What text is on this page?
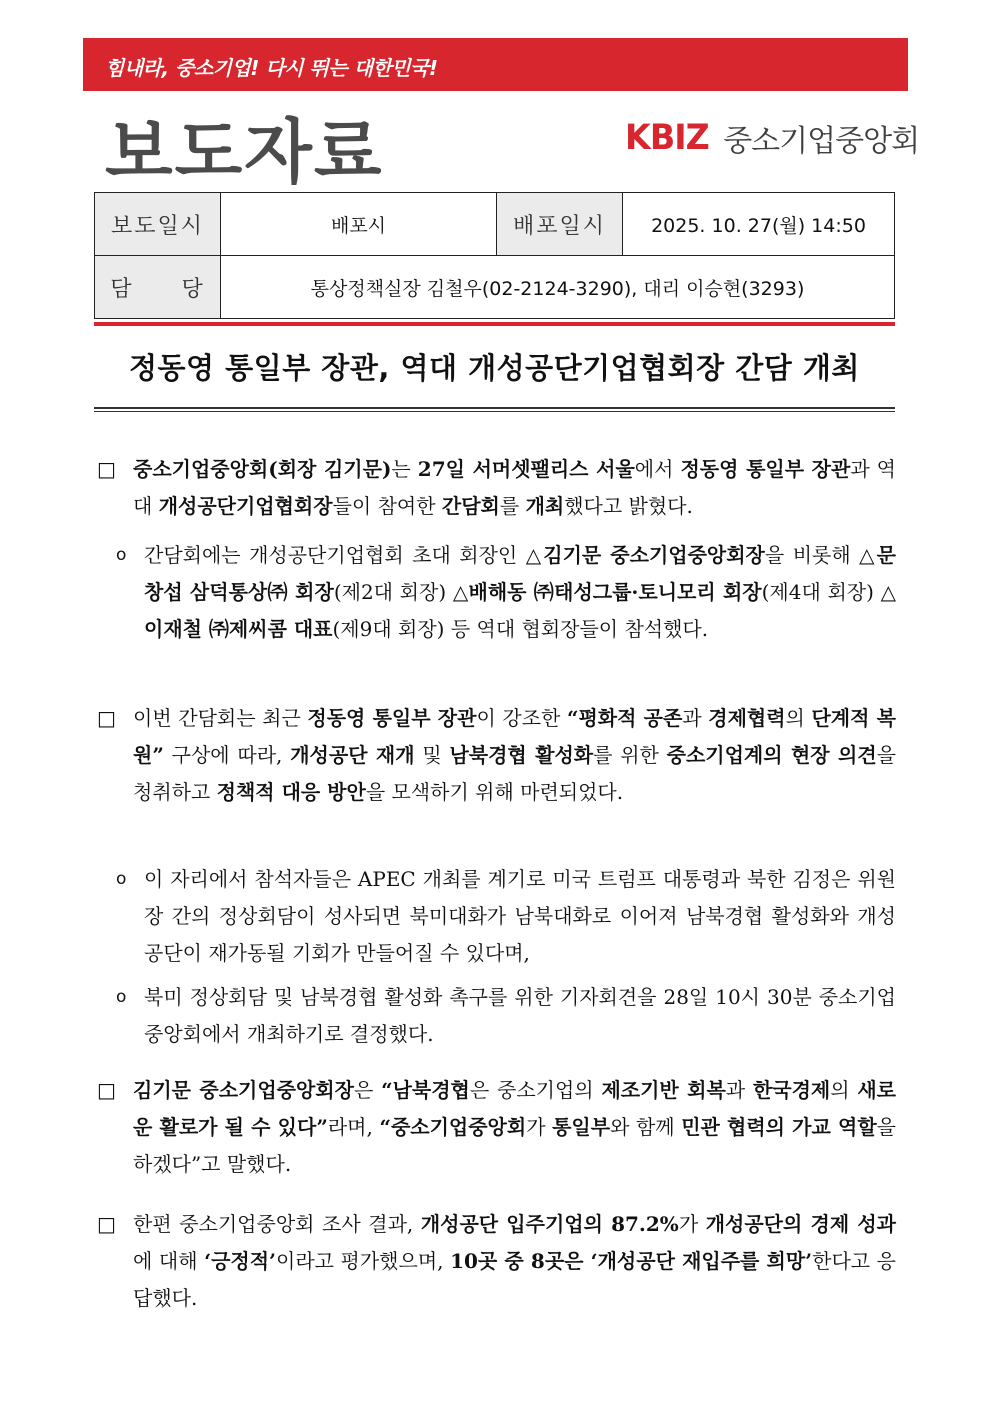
힘내라, 중소기업! 다시 뛰는 대한민국!
보도자료	KBIZ 중소기업중앙회
보도일시	배포시	배포일시	2025. 10. 27(월) 14:50
담　　당	통상정책실장 김철우(02-2124-3290), 대리 이승현(3293)		
정동영 통일부 장관, 역대 개성공단기업협회장 간담 개최
□ 중소기업중앙회(회장 김기문)는 27일 서머셋팰리스 서울에서 정동영 통일부 장관과 역대 개성공단기업협회장들이 참여한 간담회를 개최했다고 밝혔다.
ο 간담회에는 개성공단기업협회 초대 회장인 △김기문 중소기업중앙회장을 비롯해 △문창섭 삼덕통상㈜ 회장(제2대 회장) △배해동 ㈜태성그룹·토니모리 회장(제4대 회장) △이재철 ㈜제씨콤 대표(제9대 회장) 등 역대 협회장들이 참석했다.
□ 이번 간담회는 최근 정동영 통일부 장관이 강조한 “평화적 공존과 경제협력의 단계적 복원” 구상에 따라, 개성공단 재개 및 남북경협 활성화를 위한 중소기업계의 현장 의견을 청취하고 정책적 대응 방안을 모색하기 위해 마련되었다.
ο 이 자리에서 참석자들은 APEC 개최를 계기로 미국 트럼프 대통령과 북한 김정은 위원장 간의 정상회담이 성사되면 북미대화가 남북대화로 이어져 남북경협 활성화와 개성공단이 재가동될 기회가 만들어질 수 있다며,
ο 북미 정상회담 및 남북경협 활성화 촉구를 위한 기자회견을 28일 10시 30분 중소기업중앙회에서 개최하기로 결정했다.
□ 김기문 중소기업중앙회장은 “남북경협은 중소기업의 제조기반 회복과 한국경제의 새로운 활로가 될 수 있다”라며, “중소기업중앙회가 통일부와 함께 민관 협력의 가교 역할을 하겠다”고 말했다.
□ 한편 중소기업중앙회 조사 결과, 개성공단 입주기업의 87.2%가 개성공단의 경제 성과에 대해 ‘긍정적’이라고 평가했으며, 10곳 중 8곳은 ‘개성공단 재입주를 희망’한다고 응답했다.
